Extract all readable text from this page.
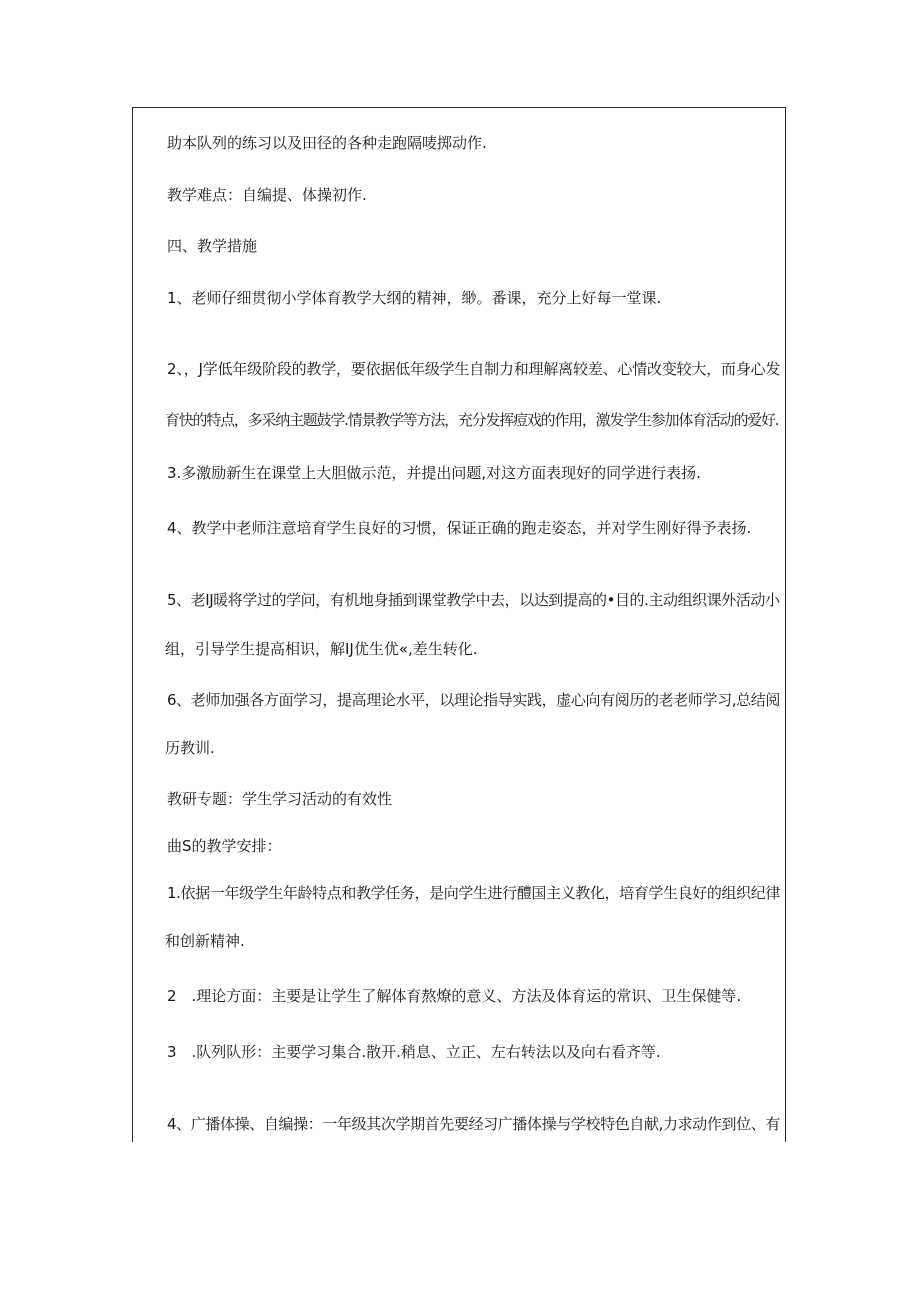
助本队列的练习以及田径的各种走跑隔唛掷动作.
教学难点：自编提、体操初作.
四、教学措施
1、老师仔细贯彻小学体育教学大纲的精神，缈。番课，充分上好每一堂课.
2、，J学低年级阶段的教学，要依据低年级学生自制力和理解离较差、心情改变较大，而身心发
育快的特点，多采纳主题鼓学.情景教学等方法，充分发挥痘戏的作用，激发学生参加体育活动的爱好.
3.多激励新生在课堂上大胆做示范，并提出问题,对这方面表现好的同学进行表扬.
4、教学中老师注意培育学生良好的习惯，保证正确的跑走姿态，并对学生刚好得予表扬.
5、老IJ暖将学过的学问，有机地身插到课堂教学中去，以达到提高的•目的.主动组织课外活动小
组，引导学生提高相识，解IJ优生优«,差生转化.
6、老师加强各方面学习，提高理论水平，以理论指导实践，虚心向有阅历的老老师学习,总结阅
历教训.
教研专题：学生学习活动的有效性
曲S的教学安排：
1.依据一年级学生年龄特点和教学任务，是向学生进行醴国主义教化，培育学生良好的组织纪律
和创新精神.
2　.理论方面：主要是让学生了解体育熬燎的意义、方法及体育运的常识、卫生保健等.
3　.队列队形：主要学习集合.散开.稍息、立正、左右转法以及向右看齐等.
4、广播体操、自编操：一年级其次学期首先要经习广播体操与学校特色自献,力求动作到位、有
